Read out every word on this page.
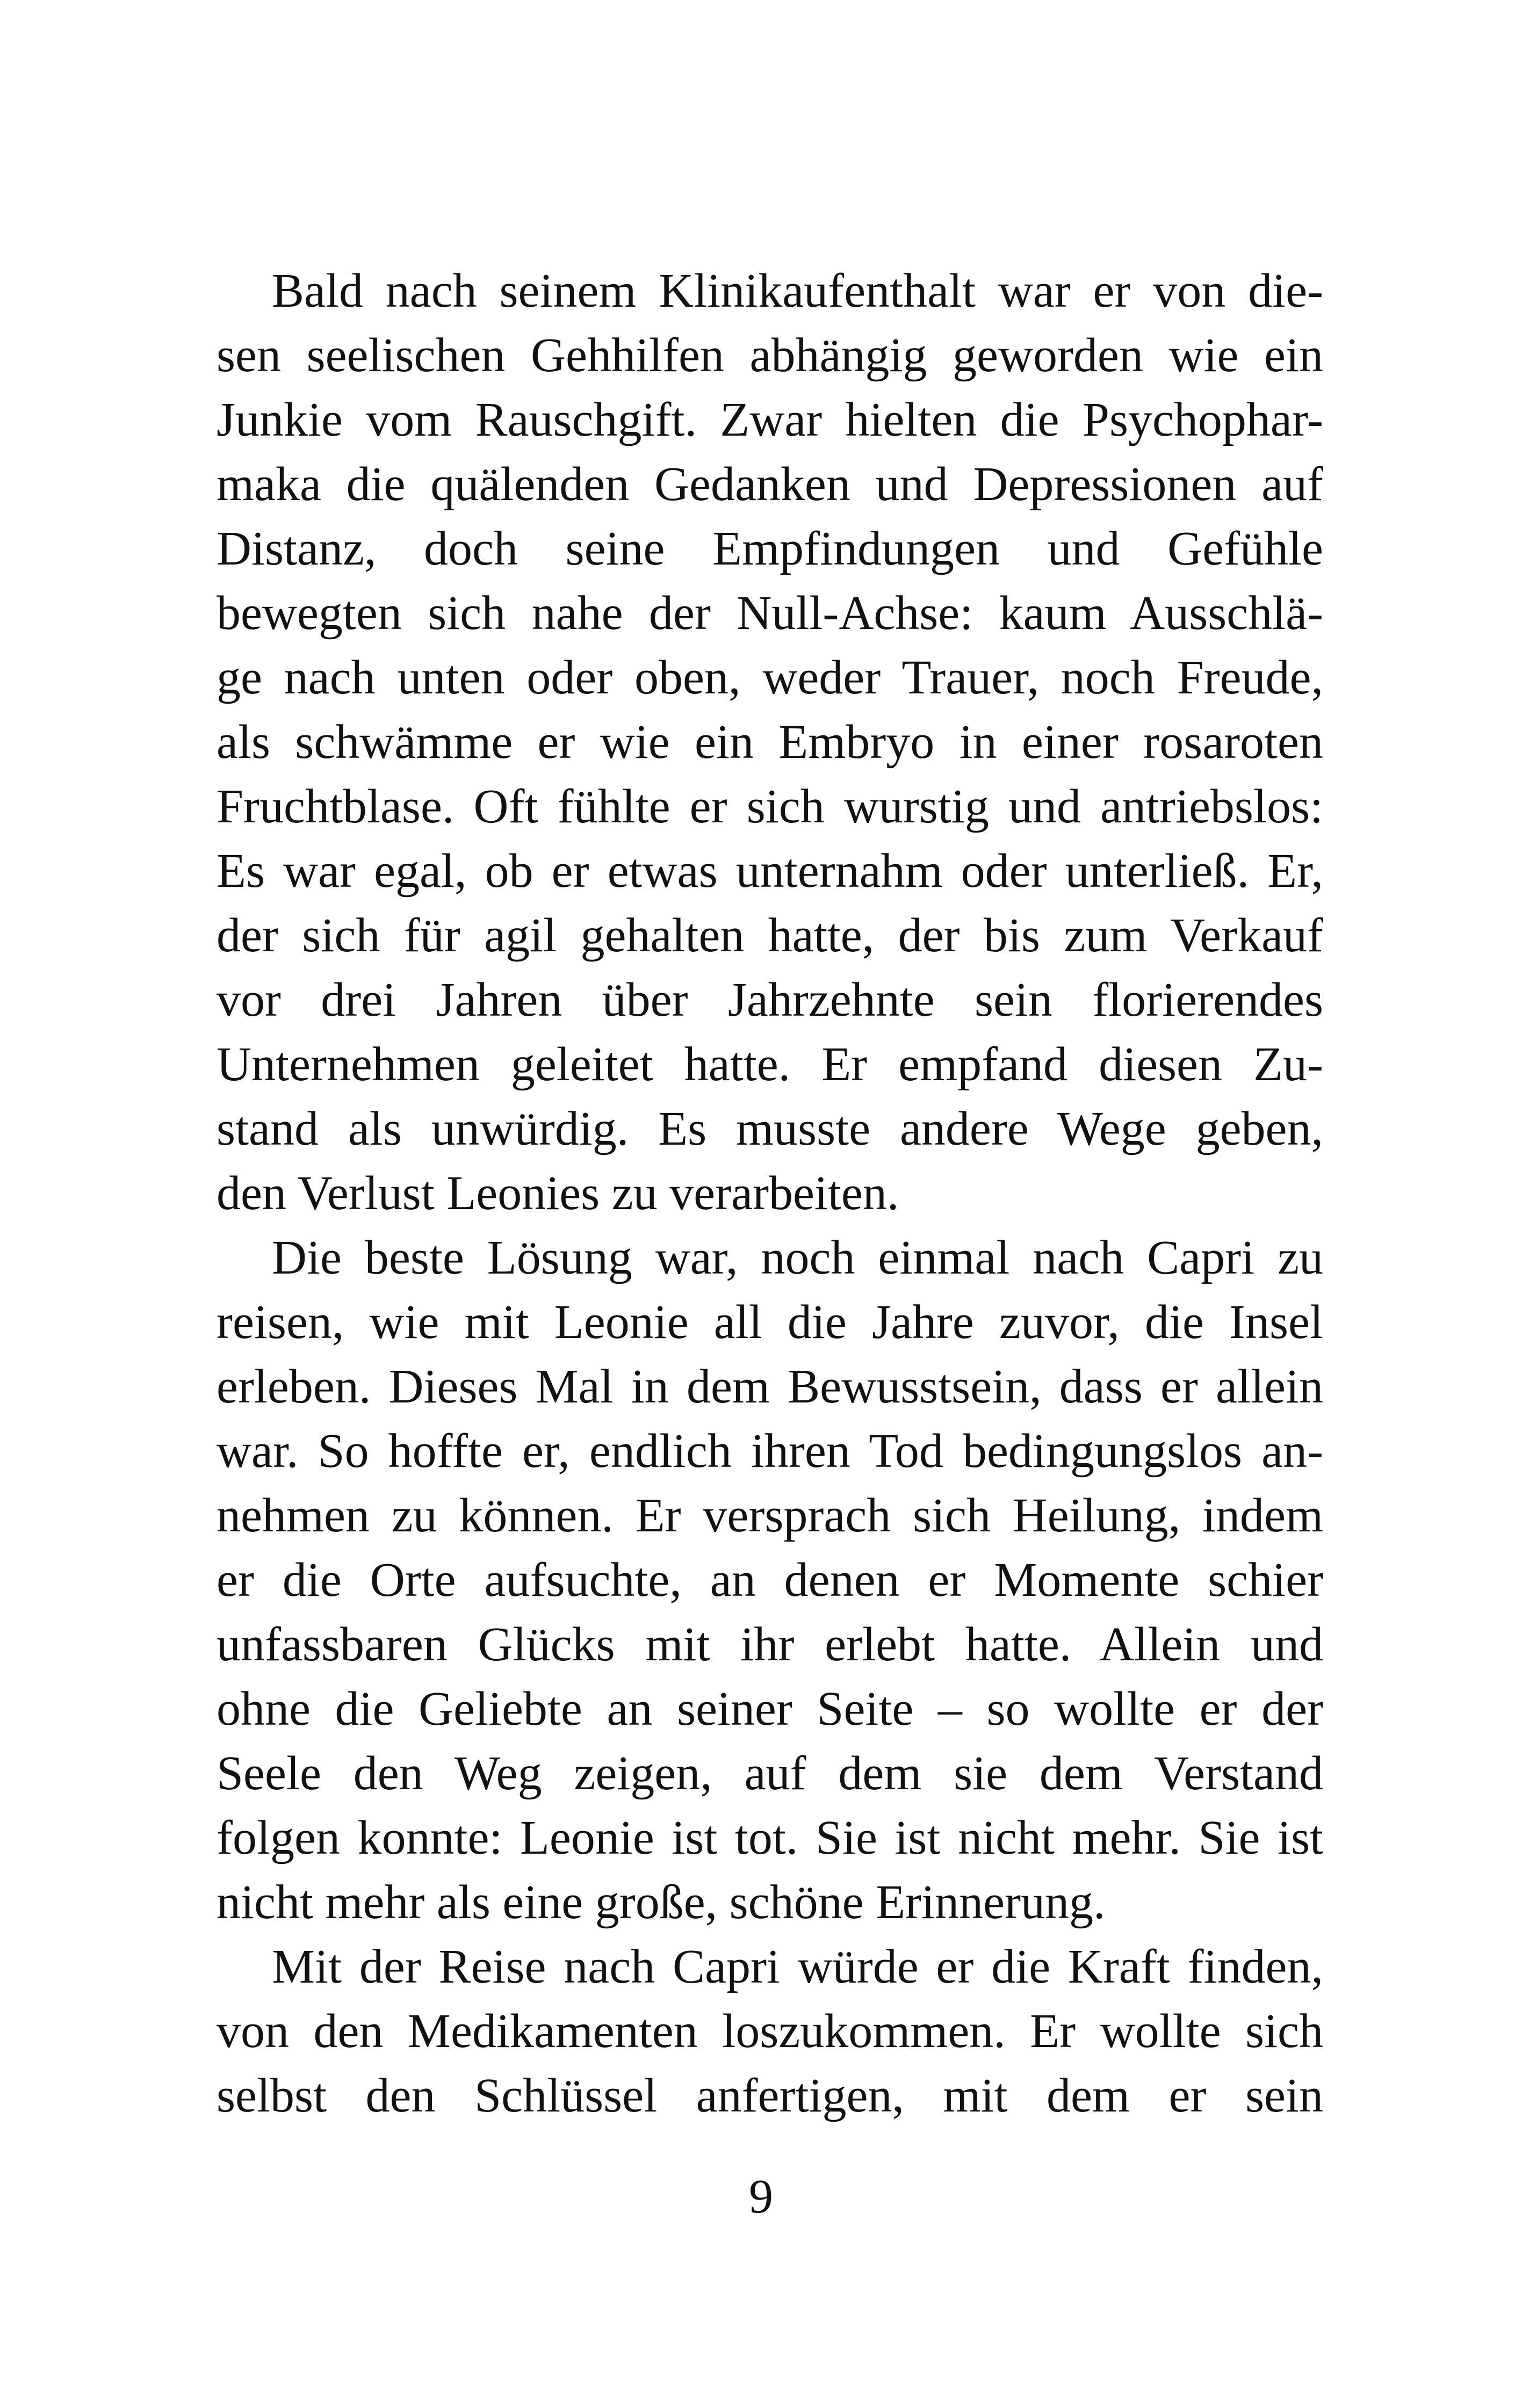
Bald nach seinem Klinikaufenthalt war er von die-
sen seelischen Gehhilfen abhängig geworden wie ein
Junkie vom Rauschgift. Zwar hielten die Psychophar-
maka die quälenden Gedanken und Depressionen auf
Distanz, doch seine Empfindungen und Gefühle
bewegten sich nahe der Null-Achse: kaum Ausschlä-
ge nach unten oder oben, weder Trauer, noch Freude,
als schwämme er wie ein Embryo in einer rosaroten
Fruchtblase. Oft fühlte er sich wurstig und antriebslos:
Es war egal, ob er etwas unternahm oder unterließ. Er,
der sich für agil gehalten hatte, der bis zum Verkauf
vor drei Jahren über Jahrzehnte sein florierendes
Unternehmen geleitet hatte. Er empfand diesen Zu-
stand als unwürdig. Es musste andere Wege geben,
den Verlust Leonies zu verarbeiten.
Die beste Lösung war, noch einmal nach Capri zu
reisen, wie mit Leonie all die Jahre zuvor, die Insel
erleben. Dieses Mal in dem Bewusstsein, dass er allein
war. So hoffte er, endlich ihren Tod bedingungslos an-
nehmen zu können. Er versprach sich Heilung, indem
er die Orte aufsuchte, an denen er Momente schier
unfassbaren Glücks mit ihr erlebt hatte. Allein und
ohne die Geliebte an seiner Seite – so wollte er der
Seele den Weg zeigen, auf dem sie dem Verstand
folgen konnte: Leonie ist tot. Sie ist nicht mehr. Sie ist
nicht mehr als eine große, schöne Erinnerung.
Mit der Reise nach Capri würde er die Kraft finden,
von den Medikamenten loszukommen. Er wollte sich
selbst den Schlüssel anfertigen, mit dem er sein
9
